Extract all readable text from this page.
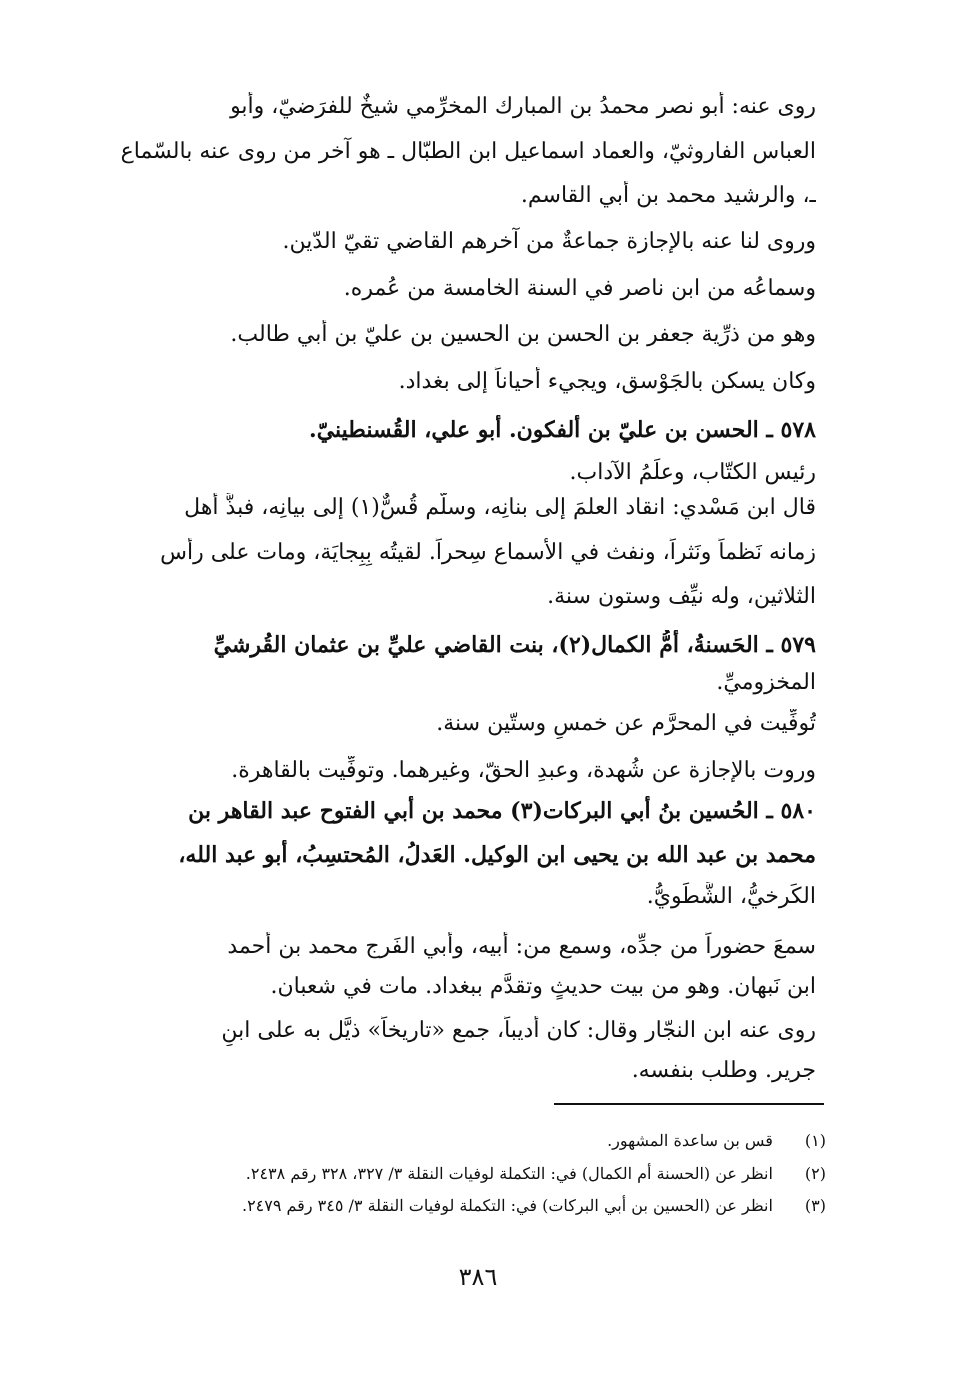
روى عنه: أبو نصر محمدُ بن المبارك المخرِّمي شيخٌ للفرَضيّ، وأبو
العباس الفاروثيّ، والعماد اسماعيل ابن الطبّال ـ هو آخر من روى عنه بالسّماع
ـ، والرشيد محمد بن أبي القاسم.
وروى لنا عنه بالإجازة جماعةٌ من آخرهم القاضي تقيّ الدّين.
وسماعُه من ابن ناصر في السنة الخامسة من عُمره.
وهو من ذرِّية جعفر بن الحسن بن الحسين بن عليّ بن أبي طالب.
وكان يسكن بالجَوْسق، ويجيء أحياناً إلى بغداد.
٥٧٨ ـ الحسن بن عليّ بن ألفكون. أبو علي، القُسنطينيّ.
رئيس الكتّاب، وعلَمُ الآداب.
قال ابن مَسْدي: انقاد العلمَ إلى بنانِه، وسلّم قُسٌّ(١) إلى بيانِه، فبذَّ أهل
زمانه نَظماً ونَثراً، ونفث في الأسماع سِحراً. لقيتُه بِبِجايَة، ومات على رأس
الثلاثين، وله نيِّف وستون سنة.
٥٧٩ ـ الحَسنةُ، أمُّ الكمال(٢)، بنت القاضي عليِّ بن عثمان القُرشيِّ
المخزوميِّ.
تُوفِّيت في المحرَّم عن خمسٍ وستّين سنة.
وروت بالإجازة عن شُهدة، وعبدِ الحقّ، وغيرهما. وتوفِّيت بالقاهرة.
٥٨٠ ـ الحُسين بنُ أبي البركات(٣) محمد بن أبي الفتوح عبد القاهر بن
محمد بن عبد الله بن يحيى ابن الوكيل. العَدلُ، المُحتسِبُ، أبو عبد الله،
الكَرخيُّ، الشَّطَويُّ.
سمعَ حضوراً من جدِّه، وسمع من: أبيه، وأبي الفَرج محمد بن أحمد
ابن نَبهان. وهو من بيت حديثٍ وتقدَّم ببغداد. مات في شعبان.
روى عنه ابن النجّار وقال: كان أديباً، جمع «تاريخاً» ذيَّل به على ابنِ
جرير. وطلب بنفسه.
(١) قس بن ساعدة المشهور.
(٢) انظر عن (الحسنة أم الكمال) في: التكملة لوفيات النقلة ٣/ ٣٢٧، ٣٢٨ رقم ٢٤٣٨.
(٣) انظر عن (الحسين بن أبي البركات) في: التكملة لوفيات النقلة ٣/ ٣٤٥ رقم ٢٤٧٩.
٣٨٦
